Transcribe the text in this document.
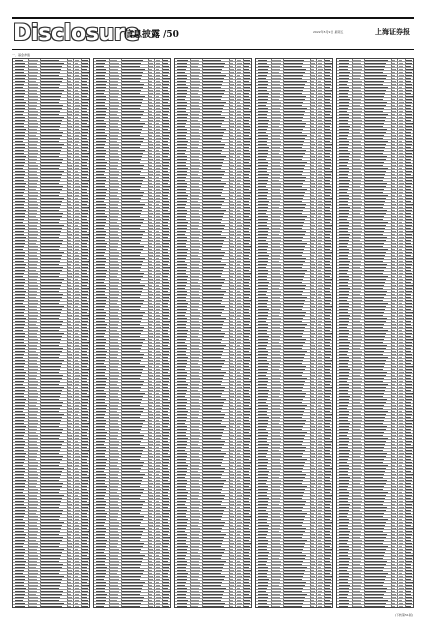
Disclosure
信息披露 /50	2022年5月9日 星期五	上海证券报
一、基金净值
(下转第51版)
